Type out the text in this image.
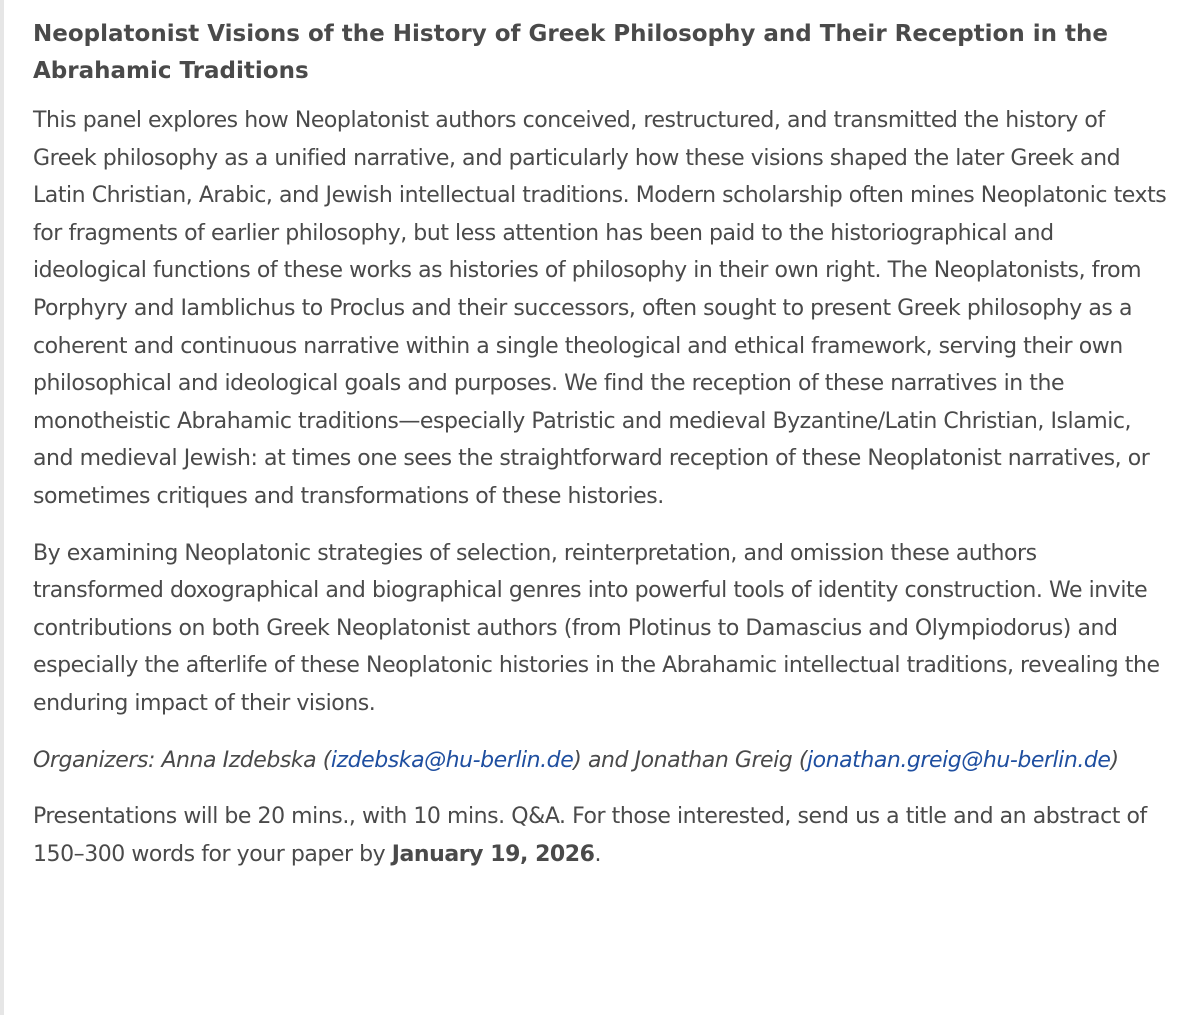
Neoplatonist Visions of the History of Greek Philosophy and Their Reception in the Abrahamic Traditions

This panel explores how Neoplatonist authors conceived, restructured, and transmitted the history of Greek philosophy as a unified narrative, and particularly how these visions shaped the later Greek and Latin Christian, Arabic, and Jewish intellectual traditions. Modern scholarship often mines Neoplatonic texts for fragments of earlier philosophy, but less attention has been paid to the historiographical and ideological functions of these works as histories of philosophy in their own right. The Neoplatonists, from Porphyry and Iamblichus to Proclus and their successors, often sought to present Greek philosophy as a coherent and continuous narrative within a single theological and ethical framework, serving their own philosophical and ideological goals and purposes. We find the reception of these narratives in the monotheistic Abrahamic traditions—especially Patristic and medieval Byzantine/Latin Christian, Islamic, and medieval Jewish: at times one sees the straightforward reception of these Neoplatonist narratives, or sometimes critiques and transformations of these histories.

By examining Neoplatonic strategies of selection, reinterpretation, and omission these authors transformed doxographical and biographical genres into powerful tools of identity construction. We invite contributions on both Greek Neoplatonist authors (from Plotinus to Damascius and Olympiodorus) and especially the afterlife of these Neoplatonic histories in the Abrahamic intellectual traditions, revealing the enduring impact of their visions.

Organizers: Anna Izdebska (izdebska@hu-berlin.de) and Jonathan Greig (jonathan.greig@hu-berlin.de)

Presentations will be 20 mins., with 10 mins. Q&A. For those interested, send us a title and an abstract of 150–300 words for your paper by January 19, 2026.
